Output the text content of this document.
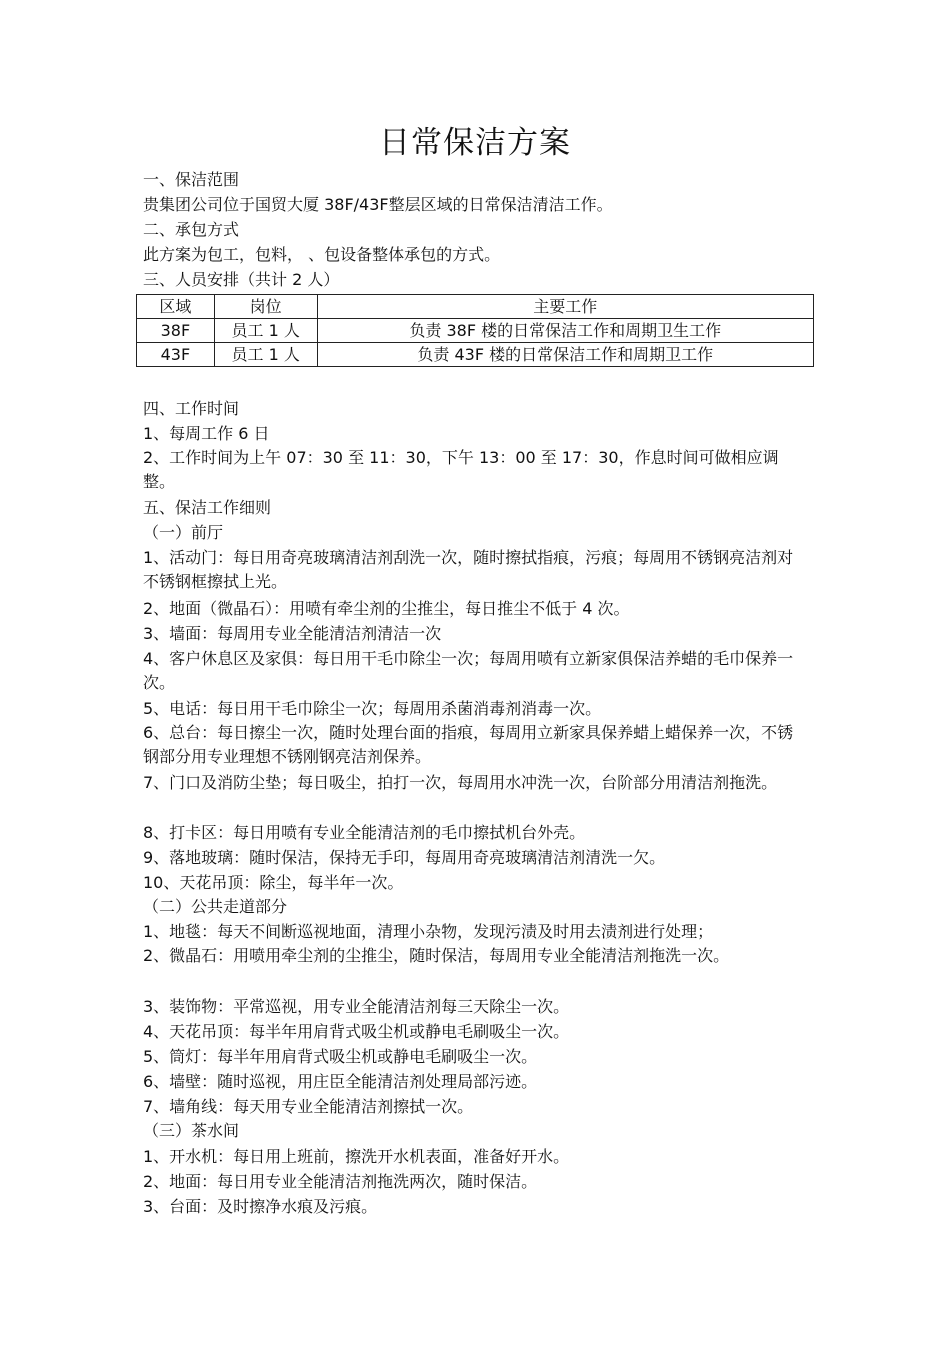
日常保洁方案
一、保洁范围
贵集团公司位于国贸大厦 38F/43F整层区域的日常保洁清洁工作。
二、承包方式
此方案为包工，包料， 、包设备整体承包的方式。
三、人员安排（共计 2 人）
区域	岗位	主要工作
38F	员工 1 人	负责 38F 楼的日常保洁工作和周期卫生工作
43F	员工 1 人	负责 43F 楼的日常保洁工作和周期卫工作
四、工作时间
1、每周工作 6 日
2、工作时间为上午 07：30 至 11：30，下午 13：00 至 17：30，作息时间可做相应调整。
五、保洁工作细则
（一）前厅
1、活动门：每日用奇亮玻璃清洁剂刮洗一次，随时擦拭指痕，污痕；每周用不锈钢亮洁剂对不锈钢框擦拭上光。
2、地面（微晶石）：用喷有牵尘剂的尘推尘，每日推尘不低于 4 次。
3、墙面：每周用专业全能清洁剂清洁一次
4、客户休息区及家俱：每日用干毛巾除尘一次；每周用喷有立新家俱保洁养蜡的毛巾保养一次。
5、电话：每日用干毛巾除尘一次；每周用杀菌消毒剂消毒一次。
6、总台：每日擦尘一次，随时处理台面的指痕，每周用立新家具保养蜡上蜡保养一次，不锈钢部分用专业理想不锈刚钢亮洁剂保养。
7、门口及消防尘垫；每日吸尘，拍打一次，每周用水冲洗一次，台阶部分用清洁剂拖洗。
8、打卡区：每日用喷有专业全能清洁剂的毛巾擦拭机台外壳。
9、落地玻璃：随时保洁，保持无手印，每周用奇亮玻璃清洁剂清洗一欠。
10、天花吊顶：除尘，每半年一次。
（二）公共走道部分
1、地毯：每天不间断巡视地面，清理小杂物，发现污渍及时用去渍剂进行处理；
2、微晶石：用喷用牵尘剂的尘推尘，随时保洁，每周用专业全能清洁剂拖洗一次。
3、装饰物：平常巡视，用专业全能清洁剂每三天除尘一次。
4、天花吊顶：每半年用肩背式吸尘机或静电毛刷吸尘一次。
5、筒灯：每半年用肩背式吸尘机或静电毛刷吸尘一次。
6、墙壁：随时巡视，用庄臣全能清洁剂处理局部污迹。
7、墙角线：每天用专业全能清洁剂擦拭一次。
（三）茶水间
1、开水机：每日用上班前，擦洗开水机表面，准备好开水。
2、地面：每日用专业全能清洁剂拖洗两次，随时保洁。
3、台面：及时擦净水痕及污痕。
